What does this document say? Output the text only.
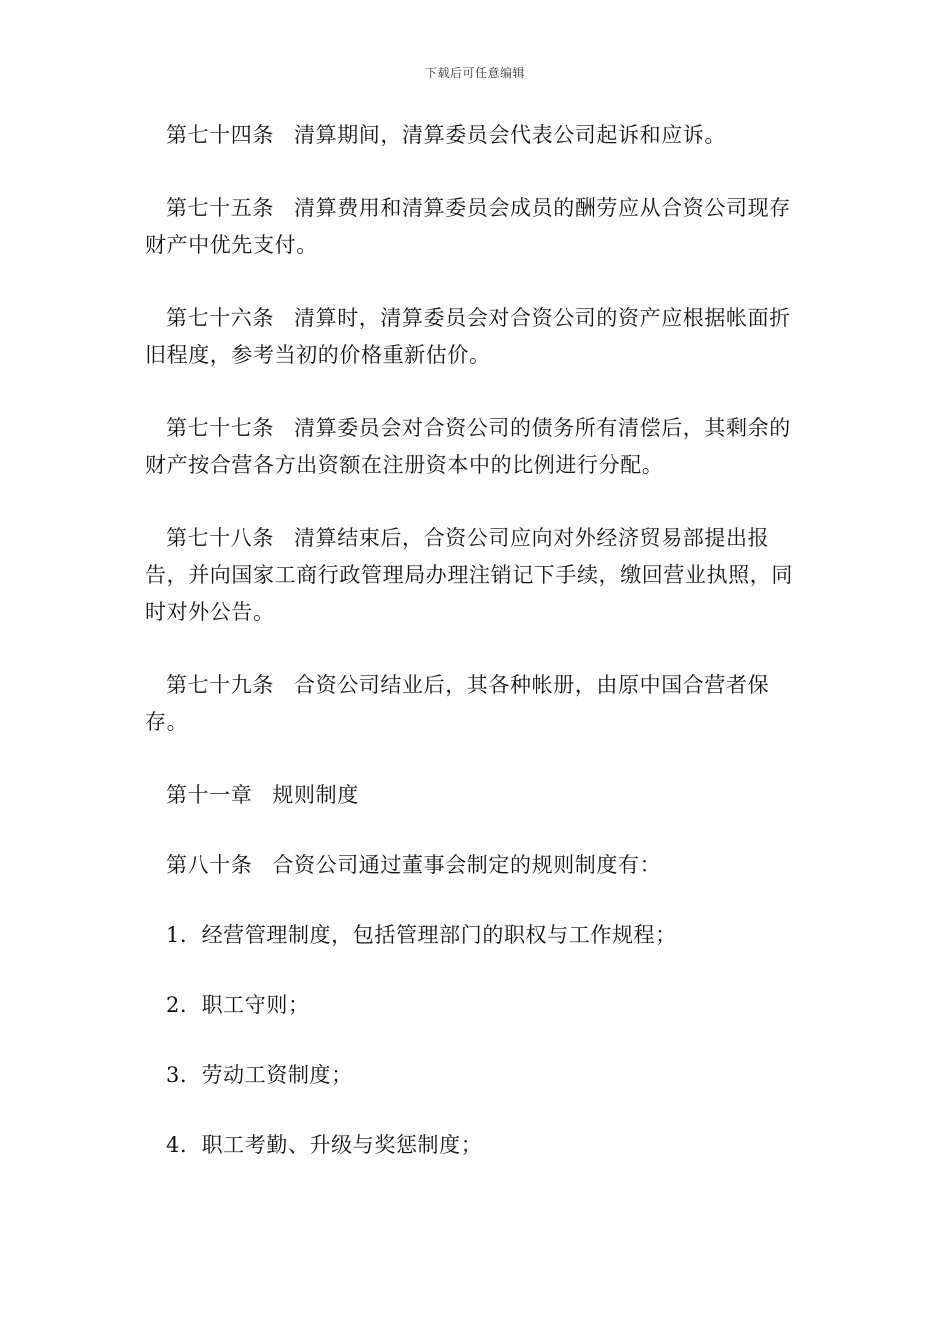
下载后可任意编辑

第七十四条 清算期间，清算委员会代表公司起诉和应诉。

第七十五条 清算费用和清算委员会成员的酬劳应从合资公司现存财产中优先支付。

第七十六条 清算时，清算委员会对合资公司的资产应根据帐面折旧程度，参考当初的价格重新估价。

第七十七条 清算委员会对合资公司的债务所有清偿后，其剩余的财产按合营各方出资额在注册资本中的比例进行分配。

第七十八条 清算结束后，合资公司应向对外经济贸易部提出报告，并向国家工商行政管理局办理注销记下手续，缴回营业执照，同时对外公告。

第七十九条 合资公司结业后，其各种帐册，由原中国合营者保存。

第十一章 规则制度

第八十条 合资公司通过董事会制定的规则制度有：

1．经营管理制度，包括管理部门的职权与工作规程；

2．职工守则；

3．劳动工资制度；

4．职工考勤、升级与奖惩制度；
